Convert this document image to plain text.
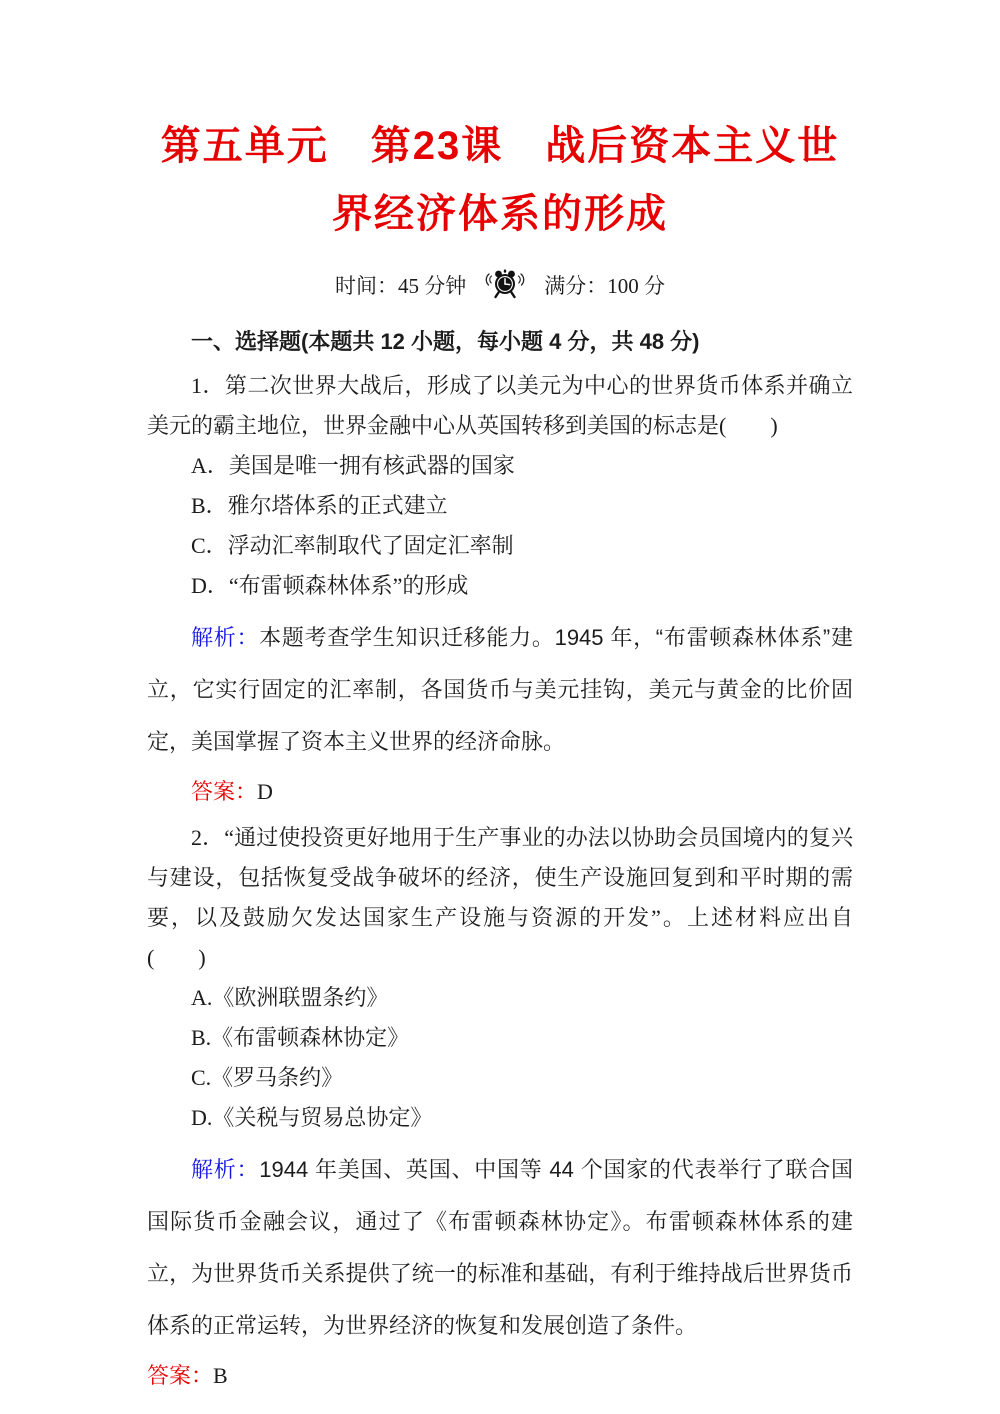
第五单元　第23课　战后资本主义世
界经济体系的形成
时间：45 分钟	满分：100 分
一、选择题(本题共 12 小题，每小题 4 分，共 48 分)

1．第二次世界大战后，形成了以美元为中心的世界货币体系并确立美元的霸主地位，世界金融中心从英国转移到美国的标志是(　　)

A．美国是唯一拥有核武器的国家

B．雅尔塔体系的正式建立

C．浮动汇率制取代了固定汇率制

D．“布雷顿森林体系”的形成

解析：本题考查学生知识迁移能力。1945 年，“布雷顿森林体系”建立，它实行固定的汇率制，各国货币与美元挂钩，美元与黄金的比价固定，美国掌握了资本主义世界的经济命脉。

答案：D

2．“通过使投资更好地用于生产事业的办法以协助会员国境内的复兴与建设，包括恢复受战争破坏的经济，使生产设施回复到和平时期的需要，以及鼓励欠发达国家生产设施与资源的开发”。上述材料应出自(　　)

A.《欧洲联盟条约》

B.《布雷顿森林协定》

C.《罗马条约》

D.《关税与贸易总协定》

解析：1944 年美国、英国、中国等 44 个国家的代表举行了联合国国际货币金融会议，通过了《布雷顿森林协定》。布雷顿森林体系的建立，为世界货币关系提供了统一的标准和基础，有利于维持战后世界货币体系的正常运转，为世界经济的恢复和发展创造了条件。

答案：B
